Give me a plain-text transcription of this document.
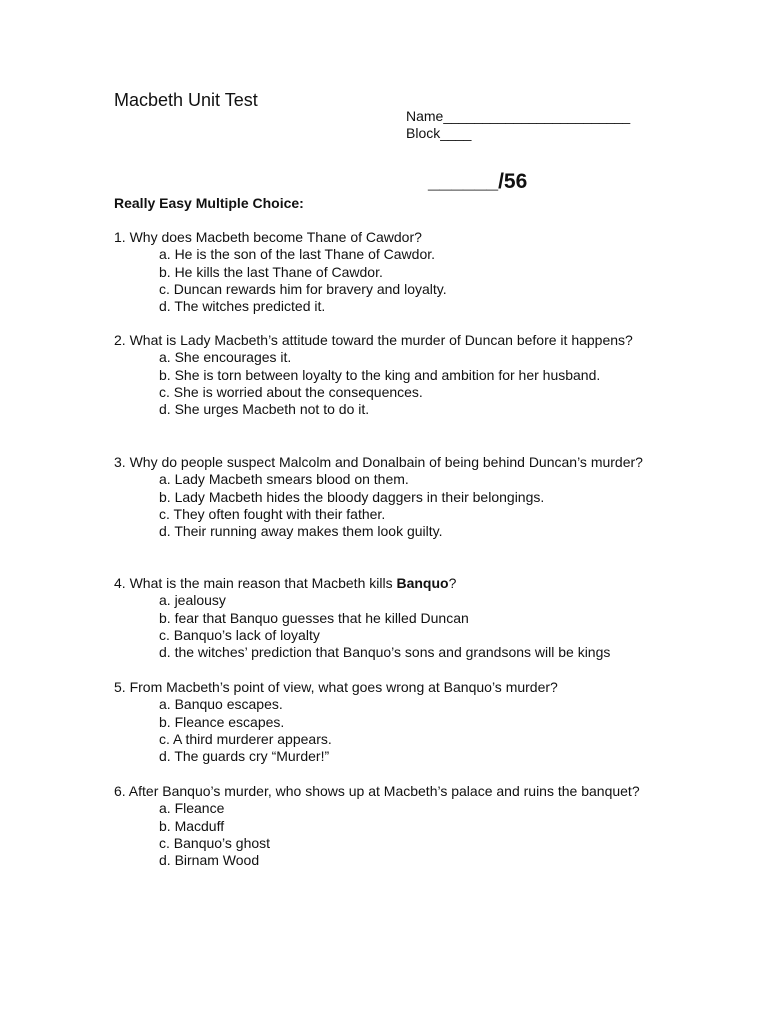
Macbeth Unit Test
Name________________________
Block____
______/56
Really Easy Multiple Choice:
1. Why does Macbeth become Thane of Cawdor?
a. He is the son of the last Thane of Cawdor.
b. He kills the last Thane of Cawdor.
c. Duncan rewards him for bravery and loyalty.
d. The witches predicted it.
2. What is Lady Macbeth’s attitude toward the murder of Duncan before it happens?
a. She encourages it.
b. She is torn between loyalty to the king and ambition for her husband.
c. She is worried about the consequences.
d. She urges Macbeth not to do it.
3. Why do people suspect Malcolm and Donalbain of being behind Duncan’s murder?
a. Lady Macbeth smears blood on them.
b. Lady Macbeth hides the bloody daggers in their belongings.
c. They often fought with their father.
d. Their running away makes them look guilty.
4. What is the main reason that Macbeth kills Banquo?
a. jealousy
b. fear that Banquo guesses that he killed Duncan
c. Banquo’s lack of loyalty
d. the witches’ prediction that Banquo’s sons and grandsons will be kings
5. From Macbeth’s point of view, what goes wrong at Banquo’s murder?
a. Banquo escapes.
b. Fleance escapes.
c. A third murderer appears.
d. The guards cry “Murder!”
6. After Banquo’s murder, who shows up at Macbeth’s palace and ruins the banquet?
a. Fleance
b. Macduff
c. Banquo’s ghost
d. Birnam Wood
